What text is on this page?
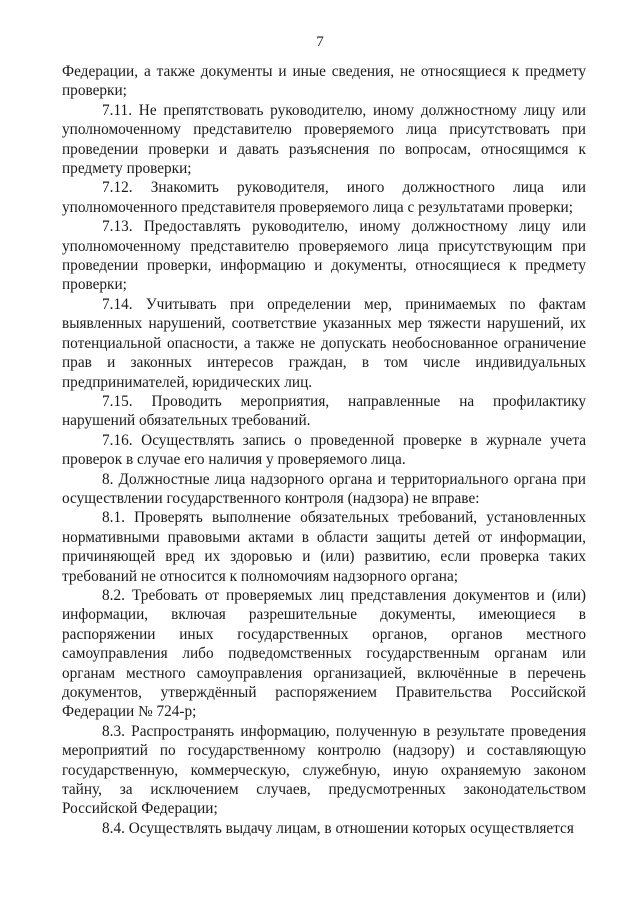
7

Федерации, а также документы и иные сведения, не относящиеся к предмету проверки;

7.11. Не препятствовать руководителю, иному должностному лицу или уполномоченному представителю проверяемого лица присутствовать при проведении проверки и давать разъяснения по вопросам, относящимся к предмету проверки;

7.12. Знакомить руководителя, иного должностного лица или уполномоченного представителя проверяемого лица с результатами проверки;

7.13. Предоставлять руководителю, иному должностному лицу или уполномоченному представителю проверяемого лица присутствующим при проведении проверки, информацию и документы, относящиеся к предмету проверки;

7.14. Учитывать при определении мер, принимаемых по фактам выявленных нарушений, соответствие указанных мер тяжести нарушений, их потенциальной опасности, а также не допускать необоснованное ограничение прав и законных интересов граждан, в том числе индивидуальных предпринимателей, юридических лиц.

7.15. Проводить мероприятия, направленные на профилактику нарушений обязательных требований.

7.16. Осуществлять запись о проведенной проверке в журнале учета проверок в случае его наличия у проверяемого лица.

8. Должностные лица надзорного органа и территориального органа при осуществлении государственного контроля (надзора) не вправе:

8.1. Проверять выполнение обязательных требований, установленных нормативными правовыми актами в области защиты детей от информации, причиняющей вред их здоровью и (или) развитию, если проверка таких требований не относится к полномочиям надзорного органа;

8.2. Требовать от проверяемых лиц представления документов и (или) информации, включая разрешительные документы, имеющиеся в распоряжении иных государственных органов, органов местного самоуправления либо подведомственных государственным органам или органам местного самоуправления организацией, включённые в перечень документов, утверждённый распоряжением Правительства Российской Федерации № 724-р;

8.3. Распространять информацию, полученную в результате проведения мероприятий по государственному контролю (надзору) и составляющую государственную, коммерческую, служебную, иную охраняемую законом тайну, за исключением случаев, предусмотренных законодательством Российской Федерации;

8.4. Осуществлять выдачу лицам, в отношении которых осуществляется
